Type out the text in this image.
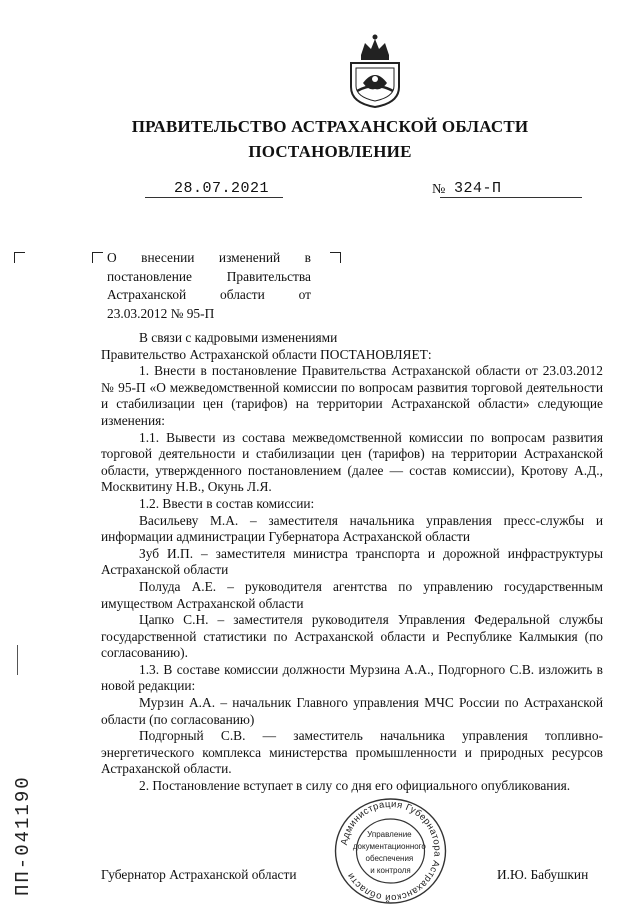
ПРАВИТЕЛЬСТВО АСТРАХАНСКОЙ ОБЛАСТИ
ПОСТАНОВЛЕНИЕ
28.07.2021	№ 324-П
О внесении изменений в постановление Правительства Астраханской области от 23.03.2012 № 95-П

В связи с кадровыми изменениями

Правительство Астраханской области ПОСТАНОВЛЯЕТ:

1. Внести в постановление Правительства Астраханской области от 23.03.2012 № 95-П «О межведомственной комиссии по вопросам развития торговой деятельности и стабилизации цен (тарифов) на территории Астраханской области» следующие изменения:

1.1. Вывести из состава межведомственной комиссии по вопросам развития торговой деятельности и стабилизации цен (тарифов) на территории Астраханской области, утвержденного постановлением (далее — состав комиссии), Кротову А.Д., Москвитину Н.В., Окунь Л.Я.

1.2. Ввести в состав комиссии:

Васильеву М.А. – заместителя начальника управления пресс-службы и информации администрации Губернатора Астраханской области

Зуб И.П. – заместителя министра транспорта и дорожной инфраструктуры Астраханской области

Полуда А.Е. – руководителя агентства по управлению государственным имуществом Астраханской области

Цапко С.Н. – заместителя руководителя Управления Федеральной службы государственной статистики по Астраханской области и Республике Калмыкия (по согласованию).

1.3. В составе комиссии должности Мурзина А.А., Подгорного С.В. изложить в новой редакции:

Мурзин А.А. – начальник Главного управления МЧС России по Астраханской области (по согласованию)

Подгорный С.В. — заместитель начальника управления топливно-энергетического комплекса министерства промышленности и природных ресурсов Астраханской области.

2. Постановление вступает в силу со дня его официального опубликования.

Администрация Губернатора Астраханской области
Управление документационного обеспечения и контроля
Губернатор Астраханской области	И.Ю. Бабушкин
ПП-041190
